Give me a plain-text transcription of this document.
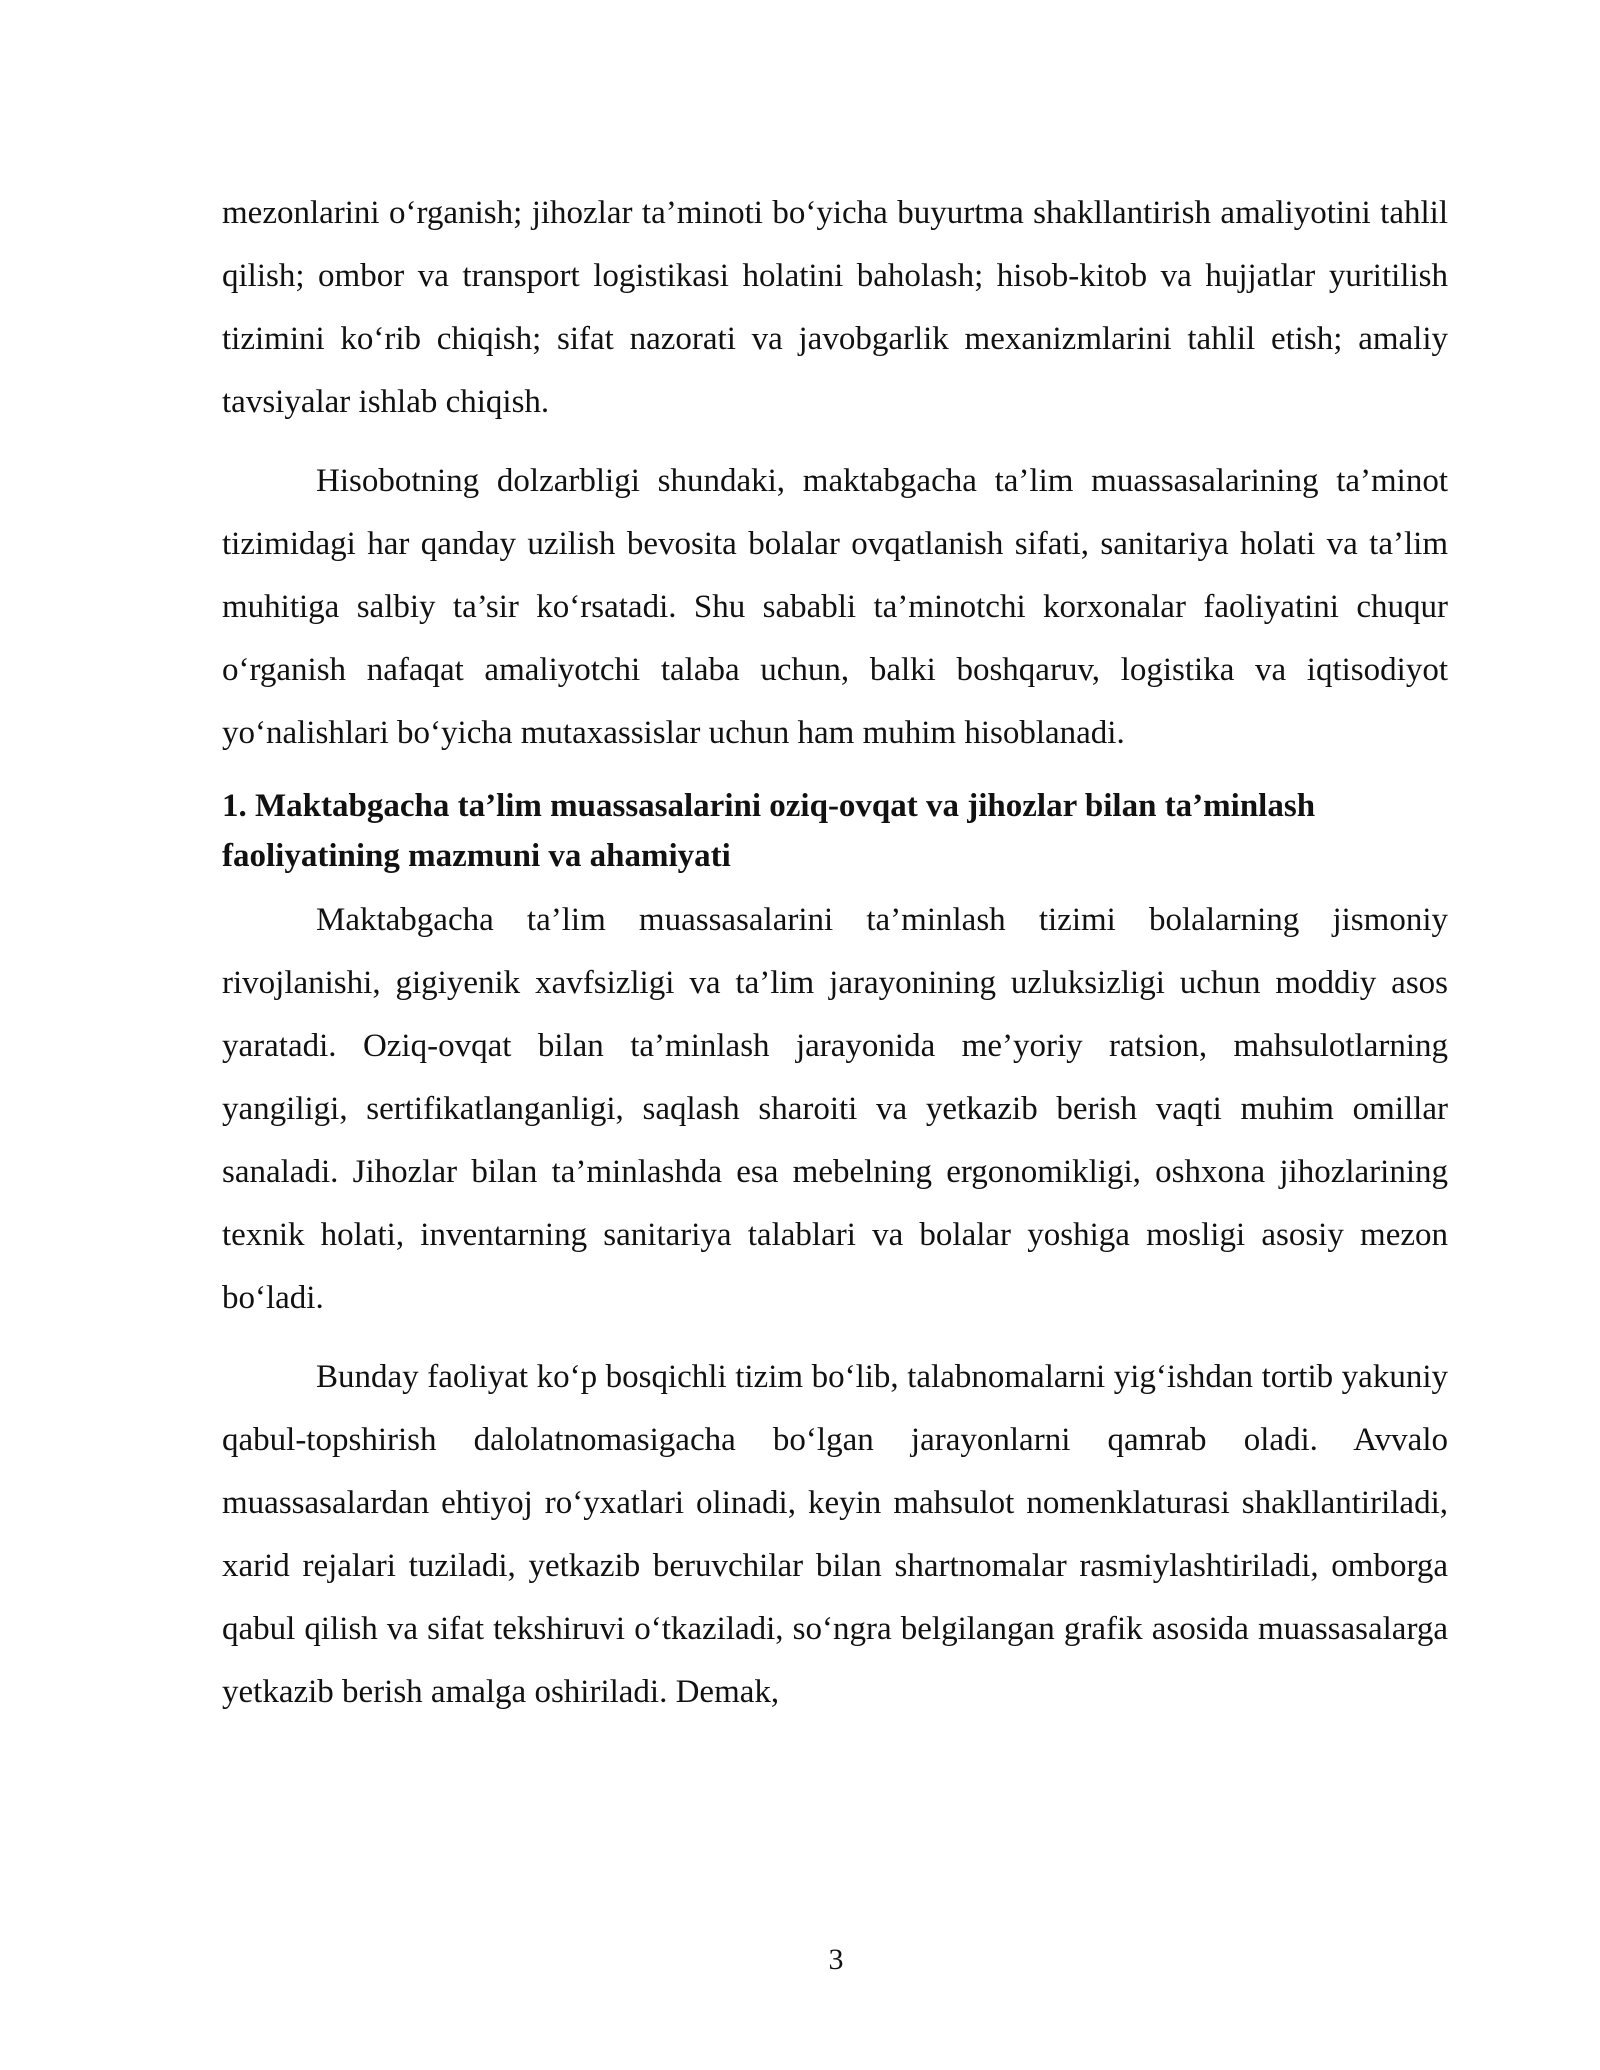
mezonlarini o‘rganish; jihozlar ta’minoti bo‘yicha buyurtma shakllantirish amaliyotini tahlil qilish; ombor va transport logistikasi holatini baholash; hisob-kitob va hujjatlar yuritilish tizimini ko‘rib chiqish; sifat nazorati va javobgarlik mexanizmlarini tahlil etish; amaliy tavsiyalar ishlab chiqish.

Hisobotning dolzarbligi shundaki, maktabgacha ta’lim muassasalarining ta’minot tizimidagi har qanday uzilish bevosita bolalar ovqatlanish sifati, sanitariya holati va ta’lim muhitiga salbiy ta’sir ko‘rsatadi. Shu sababli ta’minotchi korxonalar faoliyatini chuqur o‘rganish nafaqat amaliyotchi talaba uchun, balki boshqaruv, logistika va iqtisodiyot yo‘nalishlari bo‘yicha mutaxassislar uchun ham muhim hisoblanadi.

1. Maktabgacha ta’lim muassasalarini oziq-ovqat va jihozlar bilan ta’minlash faoliyatining mazmuni va ahamiyati

Maktabgacha ta’lim muassasalarini ta’minlash tizimi bolalarning jismoniy rivojlanishi, gigiyenik xavfsizligi va ta’lim jarayonining uzluksizligi uchun moddiy asos yaratadi. Oziq-ovqat bilan ta’minlash jarayonida me’yoriy ratsion, mahsulotlarning yangiligi, sertifikatlanganligi, saqlash sharoiti va yetkazib berish vaqti muhim omillar sanaladi. Jihozlar bilan ta’minlashda esa mebelning ergonomikligi, oshxona jihozlarining texnik holati, inventarning sanitariya talablari va bolalar yoshiga mosligi asosiy mezon bo‘ladi.

Bunday faoliyat ko‘p bosqichli tizim bo‘lib, talabnomalarni yig‘ishdan tortib yakuniy qabul-topshirish dalolatnomasigacha bo‘lgan jarayonlarni qamrab oladi. Avvalo muassasalardan ehtiyoj ro‘yxatlari olinadi, keyin mahsulot nomenklaturasi shakllantiriladi, xarid rejalari tuziladi, yetkazib beruvchilar bilan shartnomalar rasmiylashtiriladi, omborga qabul qilish va sifat tekshiruvi o‘tkaziladi, so‘ngra belgilangan grafik asosida muassasalarga yetkazib berish amalga oshiriladi. Demak,

3
